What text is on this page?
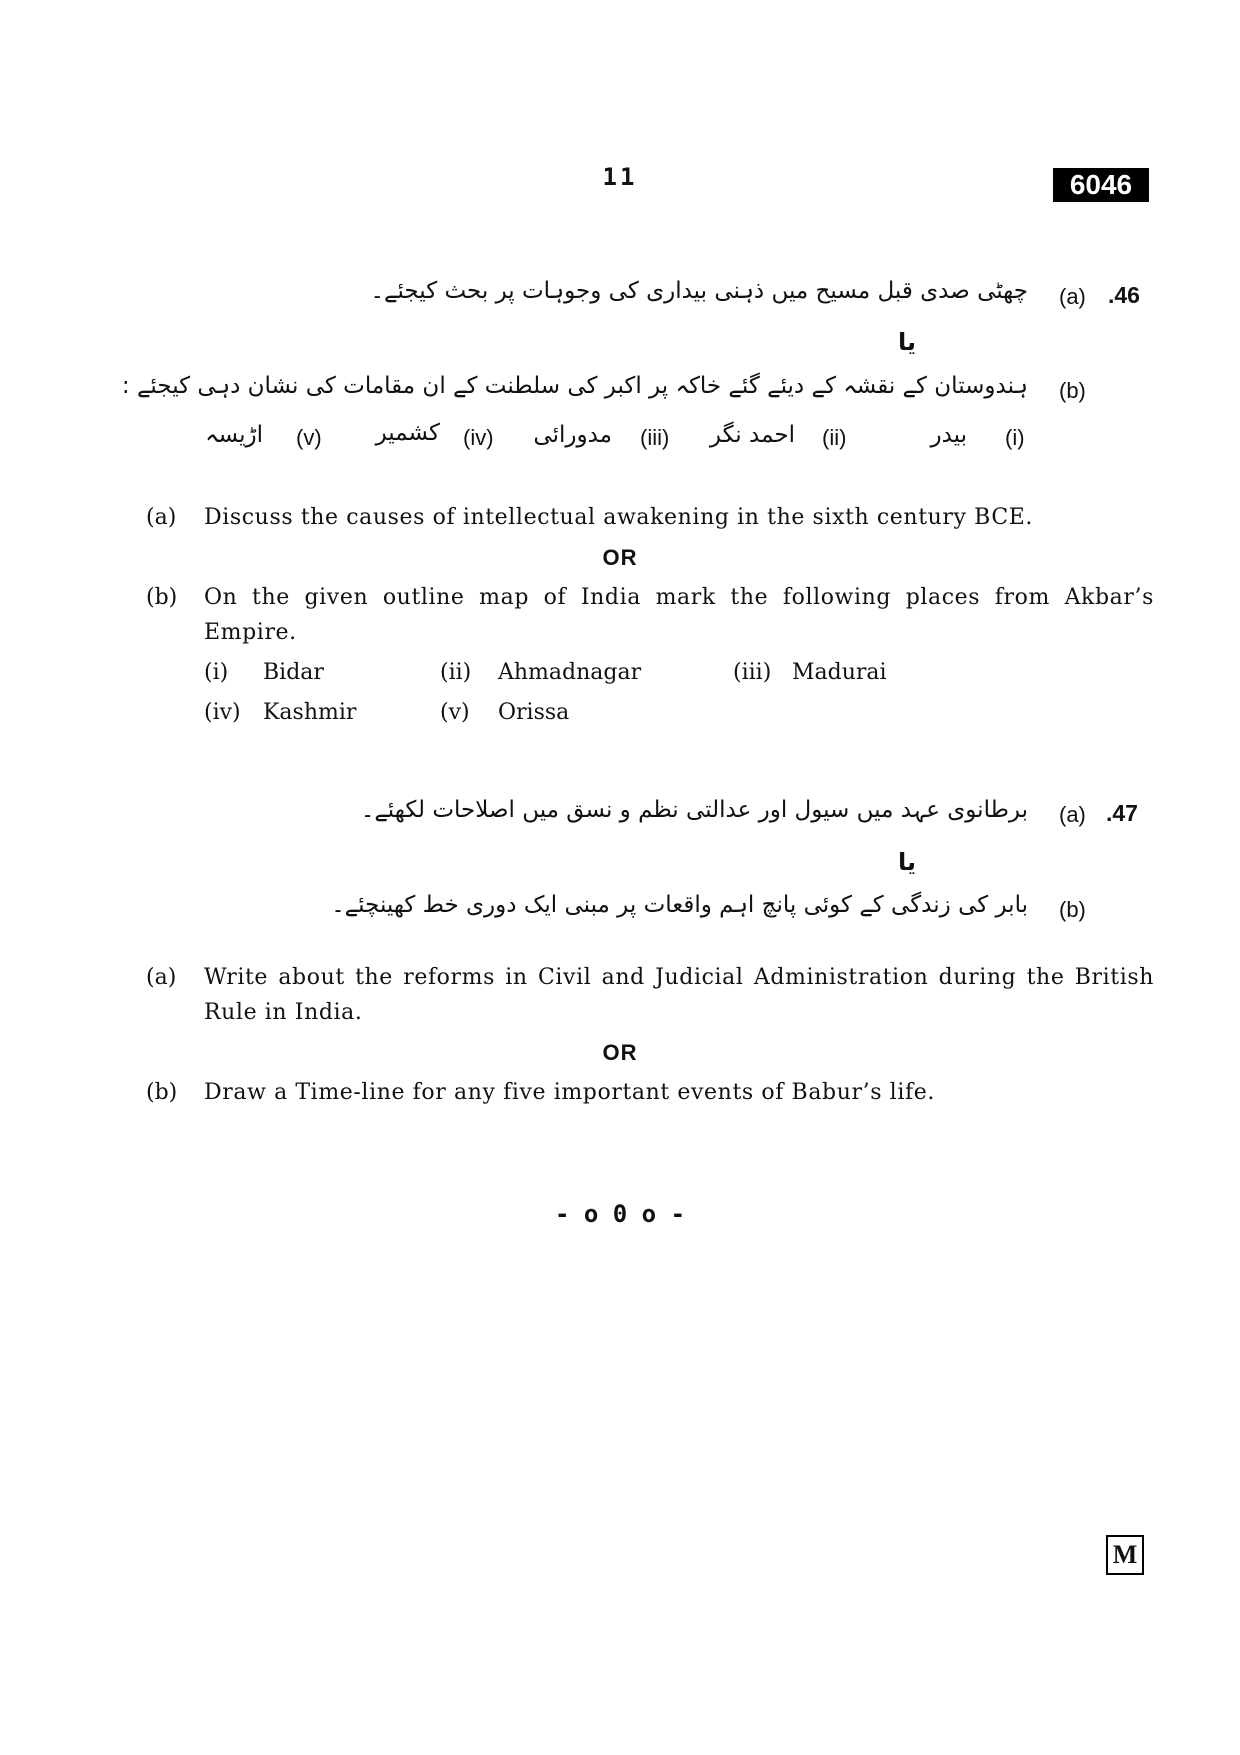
11	6046
.46
(a)
چھٹی صدی قبل مسیح میں ذہنی بیداری کی وجوہات پر بحث کیجئے۔
یا
(b)
ہندوستان کے نقشہ کے دیئے گئے خاکہ پر اکبر کی سلطنت کے ان مقامات کی نشان دہی کیجئے :
(i)
بیدر
(ii)
احمد نگر
(iii)
مدورائی
(iv)
کشمیر
(v)
اڑیسہ
(a) Discuss the causes of intellectual awakening in the sixth century BCE.
OR
(b) On the given outline map of India mark the following places from Akbar’s Empire.
(i) Bidar	(ii) Ahmadnagar	(iii) Madurai
(iv) Kashmir	(v) Orissa
.47
(a)
برطانوی عہد میں سیول اور عدالتی نظم و نسق میں اصلاحات لکھئے۔
یا
(b)
بابر کی زندگی کے کوئی پانچ اہم واقعات پر مبنی ایک دوری خط کھینچئے۔
(a) Write about the reforms in Civil and Judicial Administration during the British Rule in India.
OR
(b) Draw a Time-line for any five important events of Babur’s life.
- o 0 o -
M
